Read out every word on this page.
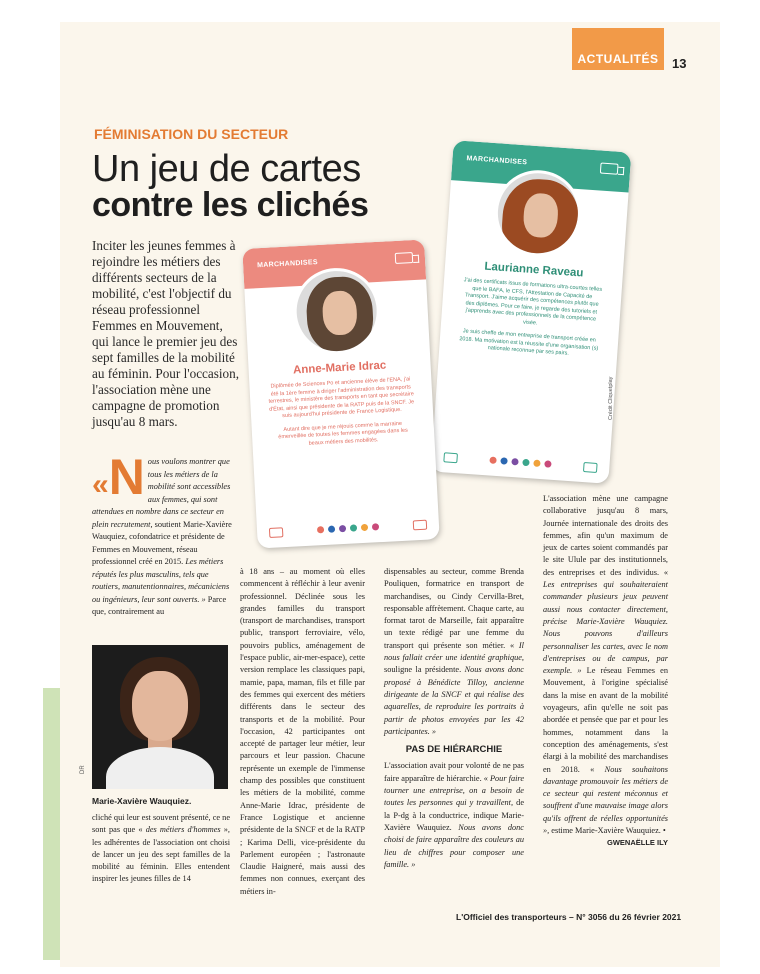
ACTUALITÉS	13
FÉMINISATION DU SECTEUR
Un jeu de cartes
contre les clichés
Inciter les jeunes femmes à rejoindre les métiers des différents secteurs de la mobilité, c'est l'objectif du réseau professionnel Femmes en Mouvement, qui lance le premier jeu des sept familles de la mobilité au féminin. Pour l'occasion, l'association mène une campagne de promotion jusqu'au 8 mars.
«N ous voulons montrer que tous les métiers de la mobilité sont accessibles aux femmes, qui sont attendues en nombre dans ce secteur en plein recrutement, soutient Marie-Xavière Wauquiez, cofondatrice et présidente de Femmes en Mouvement, réseau professionnel créé en 2015. Les métiers réputés les plus masculins, tels que routiers, manutentionnaires, mécaniciens ou ingénieurs, leur sont ouverts. » Parce que, contrairement au
DR
Marie-Xavière Wauquiez.
cliché qui leur est souvent présenté, ce ne sont pas que « des métiers d'hommes », les adhérentes de l'association ont choisi de lancer un jeu des sept familles de la mobilité au féminin. Elles entendent inspirer les jeunes filles de 14
à 18 ans – au moment où elles commencent à réfléchir à leur avenir professionnel. Déclinée sous les grandes familles du transport (transport de marchandises, transport public, transport ferroviaire, vélo, pouvoirs publics, aménagement de l'espace public, air-mer-espace), cette version remplace les classiques papi, mamie, papa, maman, fils et fille par des femmes qui exercent des métiers différents dans le secteur des transports et de la mobilité. Pour l'occasion, 42 participantes ont accepté de partager leur métier, leur parcours et leur passion. Chacune représente un exemple de l'immense champ des possibles que constituent les métiers de la mobilité, comme Anne-Marie Idrac, présidente de France Logistique et ancienne présidente de la SNCF et de la RATP ; Karima Delli, vice-présidente du Parlement européen ; l'astronaute Claudie Haigneré, mais aussi des femmes non connues, exerçant des métiers in-
dispensables au secteur, comme Brenda Pouliquen, formatrice en transport de marchandises, ou Cindy Cervilla-Bret, responsable affrètement. Chaque carte, au format tarot de Marseille, fait apparaître un texte rédigé par une femme du transport qui présente son métier. « Il nous fallait créer une identité graphique, souligne la présidente. Nous avons donc proposé à Bénédicte Tilloy, ancienne dirigeante de la SNCF et qui réalise des aquarelles, de reproduire les portraits à partir de photos envoyées par les 42 participantes. »
PAS DE HIÉRARCHIE
L'association avait pour volonté de ne pas faire apparaître de hiérarchie. « Pour faire tourner une entreprise, on a besoin de toutes les personnes qui y travaillent, de la P-dg à la conductrice, indique Marie-Xavière Wauquiez. Nous avons donc choisi de faire apparaître des couleurs au lieu de chiffres pour composer une famille. »
L'association mène une campagne collaborative jusqu'au 8 mars, Journée internationale des droits des femmes, afin qu'un maximum de jeux de cartes soient commandés par le site Ulule par des institutionnels, des entreprises et des individus. « Les entreprises qui souhaiteraient commander plusieurs jeux peuvent aussi nous contacter directement, précise Marie-Xavière Wauquiez. Nous pouvons d'ailleurs personnaliser les cartes, avec le nom d'entreprises ou de campus, par exemple. » Le réseau Femmes en Mouvement, à l'origine spécialisé dans la mise en avant de la mobilité voyageurs, afin qu'elle ne soit pas abordée et pensée que par et pour les hommes, notamment dans la conception des aménagements, s'est élargi à la mobilité des marchandises en 2018. « Nous souhaitons davantage promouvoir les métiers de ce secteur qui restent méconnus et souffrent d'une mauvaise image alors qu'ils offrent de réelles opportunités », estime Marie-Xavière Wauquiez. •
GWENAËLLE ILY
MARCHANDISES
Laurianne Raveau
J'ai des certificats issus de formations ultra-courtes telles que le BAFA, le CFS, l'Attestation de Capacité de Transport. J'aime acquérir des compétences plutôt que des diplômes. Pour ce faire, je regarde des tutoriels et j'apprends avec des professionnels de la compétence visée.
Je suis cheffe de mon entreprise de transport créée en 2018. Ma motivation est la réussite d'une organisation (s) nationale reconnue par ses pairs.
MARCHANDISES
Anne-Marie Idrac
Diplômée de Sciences Po et ancienne élève de l'ENA, j'ai été la 1ère femme à diriger l'administration des transports terrestres, le ministère des transports en tant que secrétaire d'État, ainsi que présidente de la RATP puis de la SNCF. Je suis aujourd'hui présidente de France Logistique.
Autant dire que je me réjouis comme la marraine émerveillée de toutes les femmes engagées dans les beaux métiers des mobilités.
Crédit Cliquetplay
L'Officiel des transporteurs – N° 3056 du 26 février 2021
